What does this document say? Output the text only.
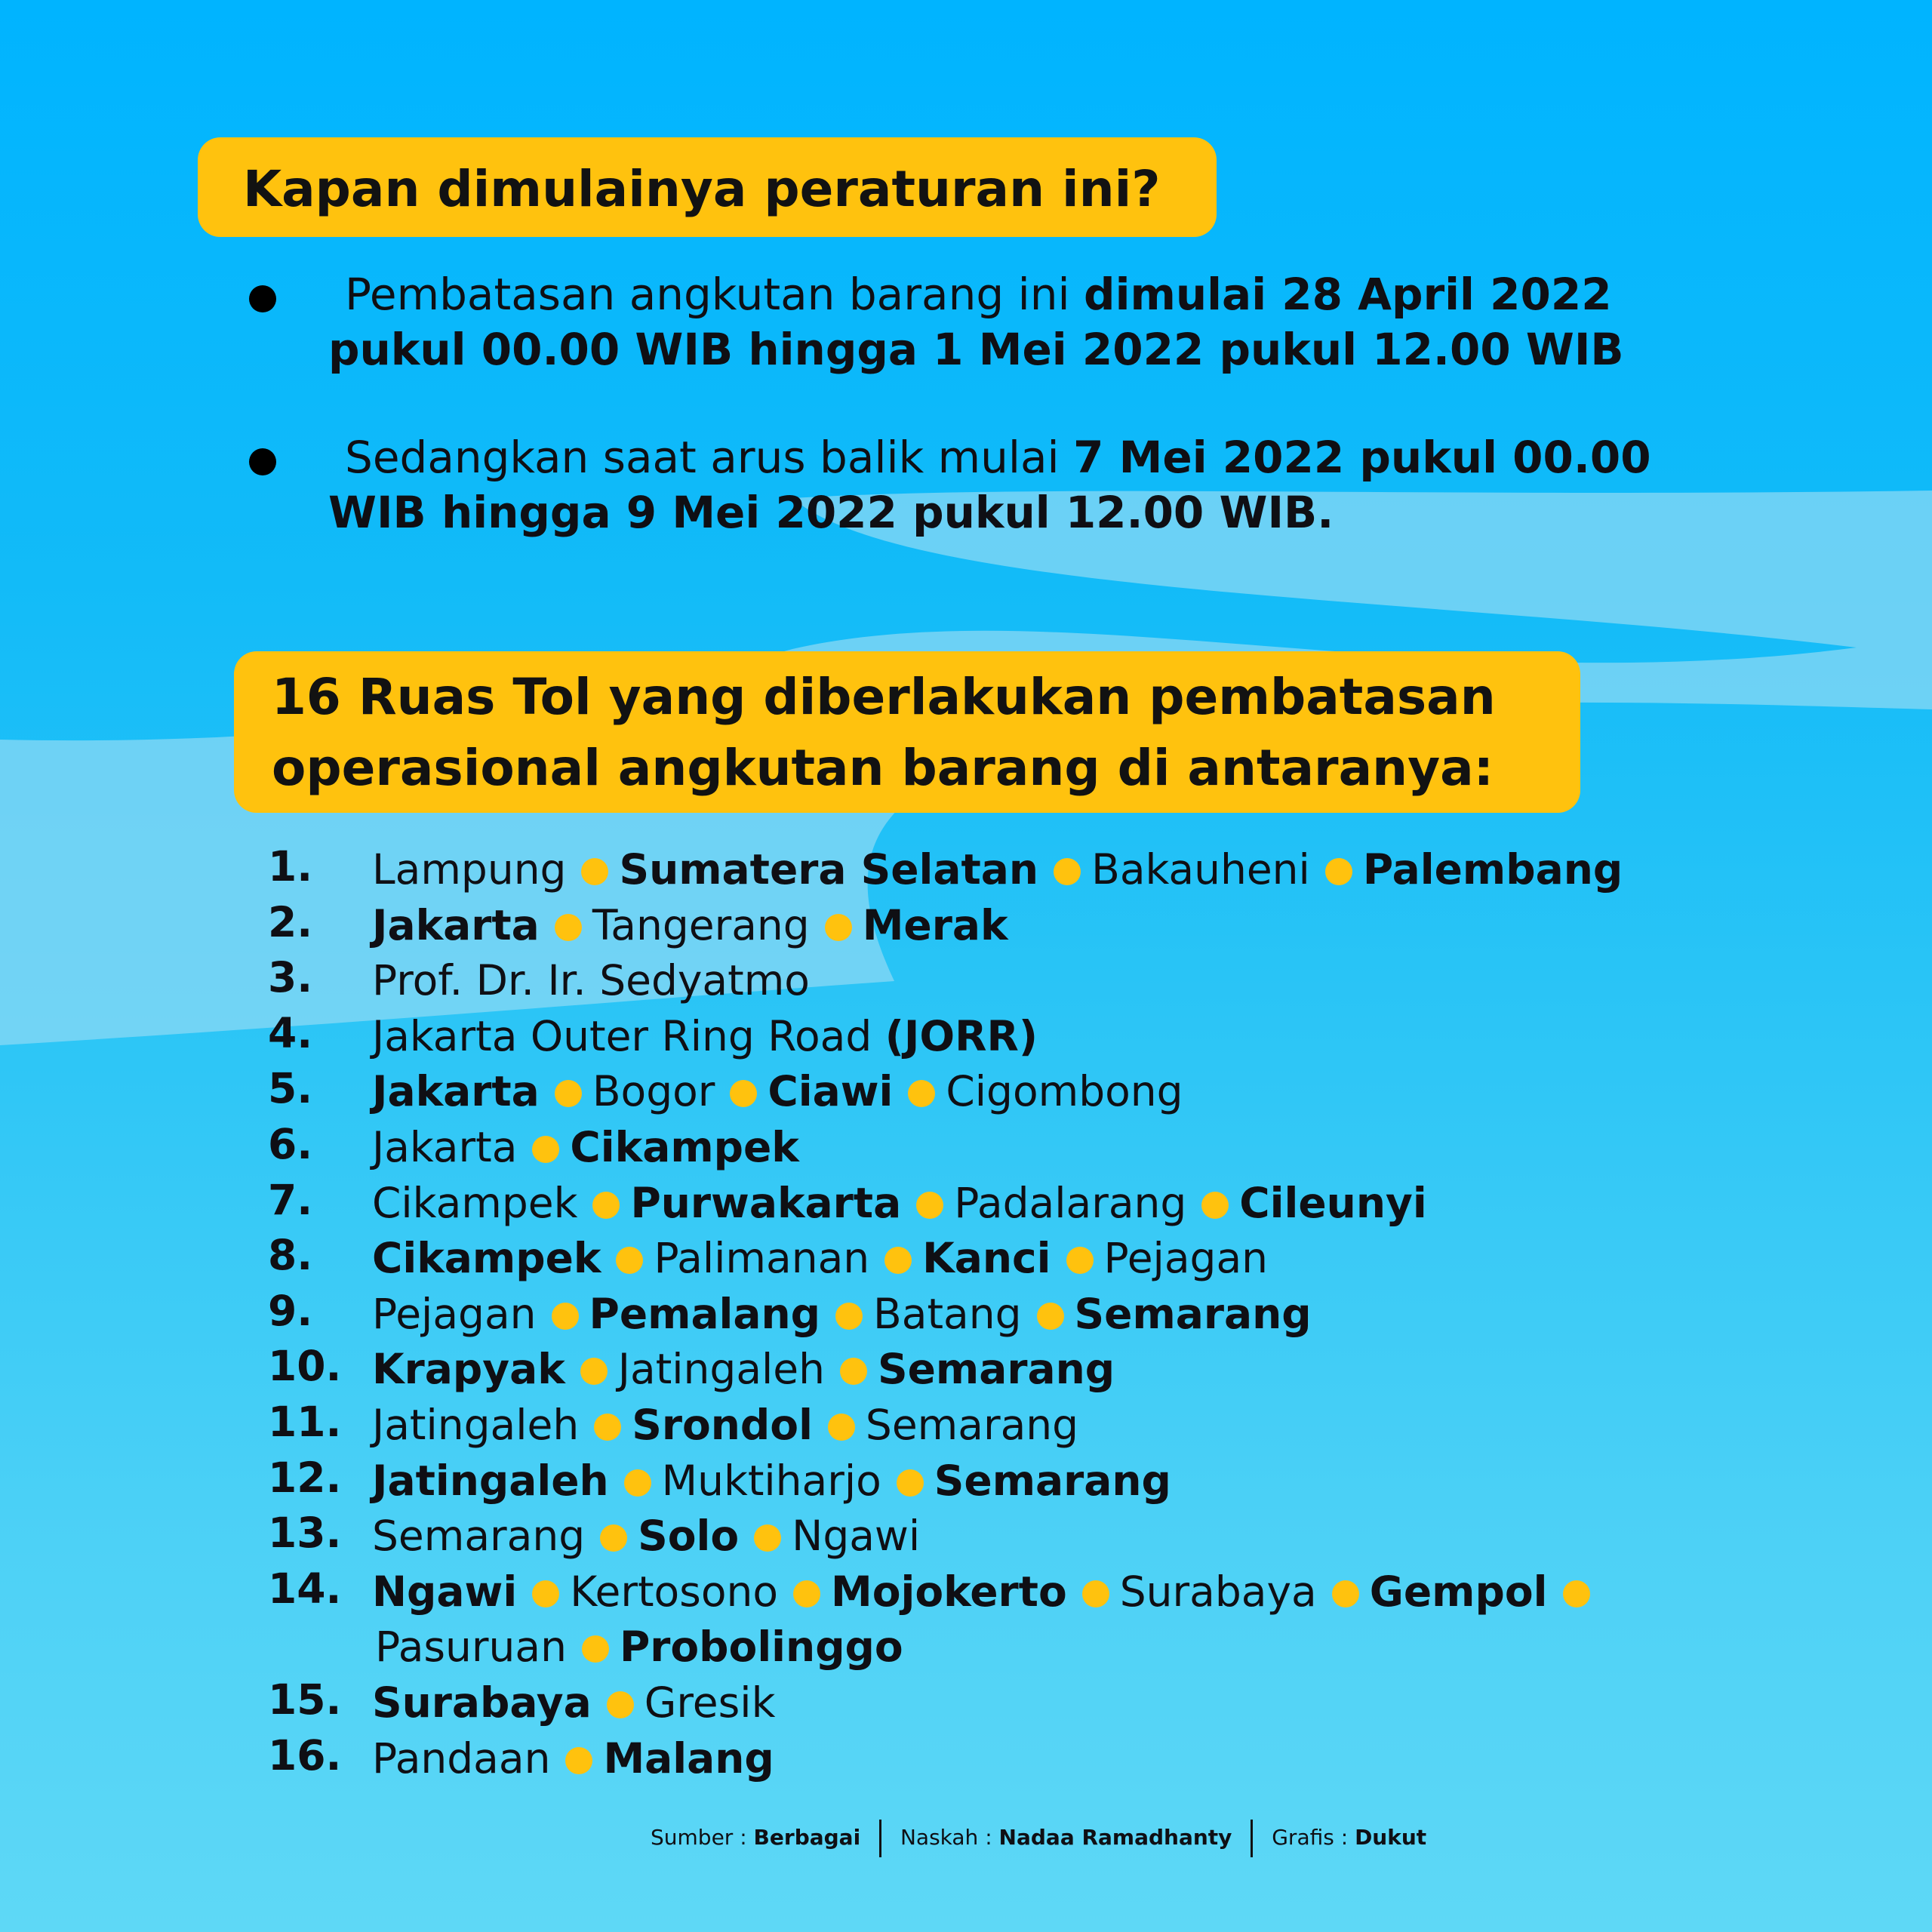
Kapan dimulainya peraturan ini?
Pembatasan angkutan barang ini dimulai 28 April 2022
pukul 00.00 WIB hingga 1 Mei 2022 pukul 12.00 WIB
Sedangkan saat arus balik mulai 7 Mei 2022 pukul 00.00
WIB hingga 9 Mei 2022 pukul 12.00 WIB.
16 Ruas Tol yang diberlakukan pembatasan
operasional angkutan barang di antaranya:
1. Lampung Sumatera Selatan Bakauheni Palembang
2. Jakarta Tangerang Merak
3. Prof. Dr. Ir. Sedyatmo
4. Jakarta Outer Ring Road (JORR)
5. Jakarta Bogor Ciawi Cigombong
6. Jakarta Cikampek
7. Cikampek Purwakarta Padalarang Cileunyi
8. Cikampek Palimanan Kanci Pejagan
9. Pejagan Pemalang Batang Semarang
10. Krapyak Jatingaleh Semarang
11. Jatingaleh Srondol Semarang
12. Jatingaleh Muktiharjo Semarang
13. Semarang Solo Ngawi
14. Ngawi Kertosono Mojokerto Surabaya Gempol
Pasuruan Probolinggo
15. Surabaya Gresik
16. Pandaan Malang
Sumber : Berbagai Naskah : Nadaa Ramadhanty Grafis : Dukut
